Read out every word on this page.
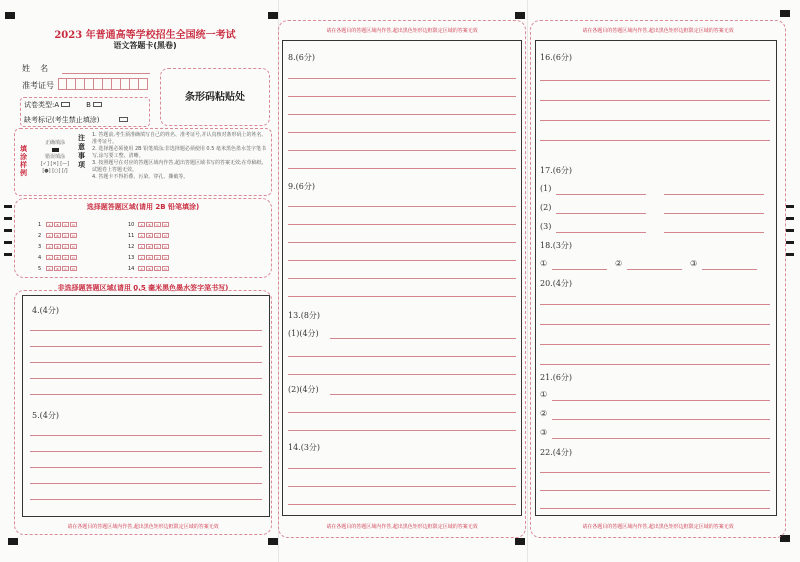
2023 年普通高等学校招生全国统一考试
语文答题卡(黑卷)
姓    名
准考证号
试卷类型:A	B
缺考标记(考生禁止填涂)
条形码粘贴处
填涂样例
正确填涂
错误填涂
[✓] [✕] [—]
[●] [○] [/]
注意事项
1. 答题前,考生须准确填写自己的姓名、准考证号,并认真核对条形码上的姓名、准考证号。
2. 选择题必须使用 2B 铅笔填涂;非选择题必须使用 0.5 毫米黑色墨水签字笔书写,涂写要工整、清晰。
3. 按照题号在对应的答题区域内作答,超出答题区域书写的答案无效;在草稿纸、试题卷上答题无效。
4. 答题卡不得折叠、污染、穿孔、撕破等。
选择题答题区域(请用 2B 铅笔填涂)
1 A B C D
2 A B C D
3 A B C D
4 A B C D
5 A B C D
10 A B C D
11 A B C D
12 A B C D
13 A B C D
14 A B C D
非选择题答题区域(请用 0.5 毫米黑色墨水签字笔书写)
4.(4分)
5.(4分)
请在各题目的答题区域内作答,超出黑色矩形边框限定区域的答案无效
请在各题目的答题区域内作答,超出黑色矩形边框限定区域的答案无效
8.(6分)
9.(6分)
13.(8分)
(1)(4分)
(2)(4分)
14.(3分)
请在各题目的答题区域内作答,超出黑色矩形边框限定区域的答案无效
请在各题目的答题区域内作答,超出黑色矩形边框限定区域的答案无效
16.(6分)
17.(6分)
(1)
(2)
(3)
18.(3分)
①	②	③
20.(4分)
21.(6分)
①
②
③
22.(4分)
请在各题目的答题区域内作答,超出黑色矩形边框限定区域的答案无效
